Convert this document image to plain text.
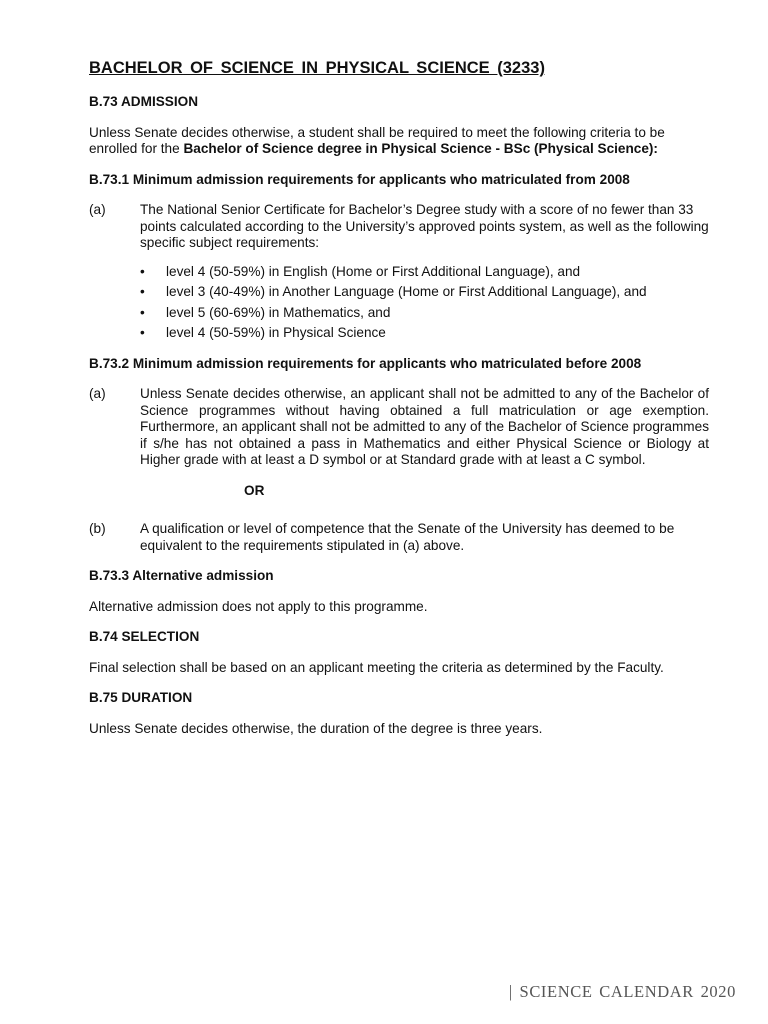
BACHELOR OF SCIENCE IN PHYSICAL SCIENCE (3233)
B.73 ADMISSION

Unless Senate decides otherwise, a student shall be required to meet the following criteria to be enrolled for the Bachelor of Science degree in Physical Science - BSc (Physical Science):

B.73.1 Minimum admission requirements for applicants who matriculated from 2008
(a)	The National Senior Certificate for Bachelor’s Degree study with a score of no fewer than 33 points calculated according to the University’s approved points system, as well as the following specific subject requirements:
•	level 4 (50-59%) in English (Home or First Additional Language), and
•	level 3 (40-49%) in Another Language (Home or First Additional Language), and
•	level 5 (60-69%) in Mathematics, and
•	level 4 (50-59%) in Physical Science
B.73.2 Minimum admission requirements for applicants who matriculated before 2008
(a)	Unless Senate decides otherwise, an applicant shall not be admitted to any of the Bachelor of Science programmes without having obtained a full matriculation or age exemption. Furthermore, an applicant shall not be admitted to any of the Bachelor of Science programmes if s/he has not obtained a pass in Mathematics and either Physical Science or Biology at Higher grade with at least a D symbol or at Standard grade with at least a C symbol.
OR
(b)	A qualification or level of competence that the Senate of the University has deemed to be equivalent to the requirements stipulated in (a) above.
B.73.3 Alternative admission

Alternative admission does not apply to this programme.

B.74 SELECTION

Final selection shall be based on an applicant meeting the criteria as determined by the Faculty.

B.75 DURATION

Unless Senate decides otherwise, the duration of the degree is three years.

| SCIENCE CALENDAR 2020
